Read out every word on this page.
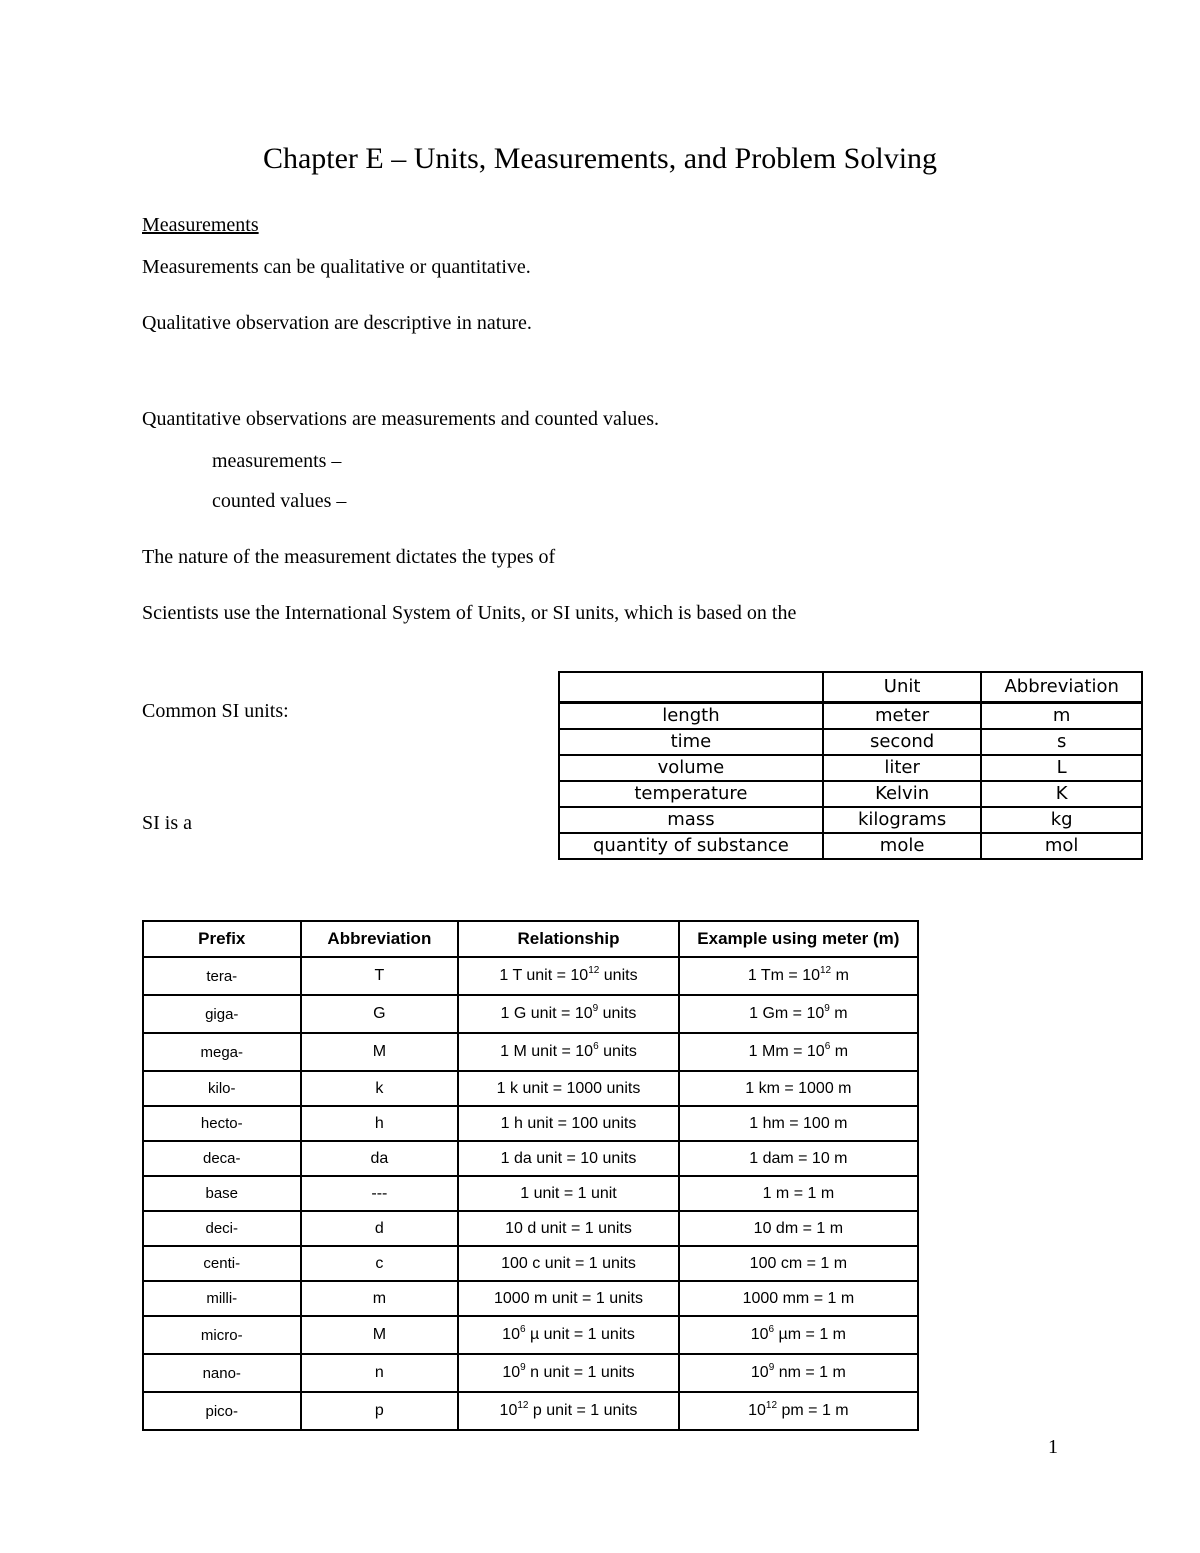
Chapter E – Units, Measurements, and Problem Solving
Measurements
Measurements can be qualitative or quantitative.
Qualitative observation are descriptive in nature.
Quantitative observations are measurements and counted values.
measurements –
counted values –
The nature of the measurement dictates the types of
Scientists use the International System of Units, or SI units, which is based on the
Common SI units:
SI is a
	Unit	Abbreviation
length	meter	m
time	second	s
volume	liter	L
temperature	Kelvin	K
mass	kilograms	kg
quantity of substance	mole	mol
Prefix	Abbreviation	Relationship	Example using meter (m)
tera-	T	1 T unit = $10^{12}$ units	1 $Tm = 10^{12}$ m
giga-	G	1 G unit = $10^9$ units	1 $Gm = 10^9$ m
mega-	M	1 M unit = $10^6$ units	1 $Mm = 10^6$ m
kilo-	k	1 k unit = 1000 units	1 km = 1000 m
hecto-	h	1 h unit = 100 units	1 hm = 100 m
deca-	da	1 da unit = 10 units	1 dam = 10 m
base	---	1 unit = 1 unit	1 m = 1 m
deci-	d	10 d unit = 1 units	10 dm = 1 m
centi-	c	100 c unit = 1 units	100 cm = 1 m
milli-	m	1000 m unit = 1 units	1000 mm = 1 m
micro-	M	$10^6$ µ unit = 1 units	$10^6$ µm = 1 m
nano-	n	$10^9$ n unit = 1 units	$10^9$ nm = 1 m
pico-	p	$10^{12}$ p unit = 1 units	$10^{12}$ pm = 1 m
1
